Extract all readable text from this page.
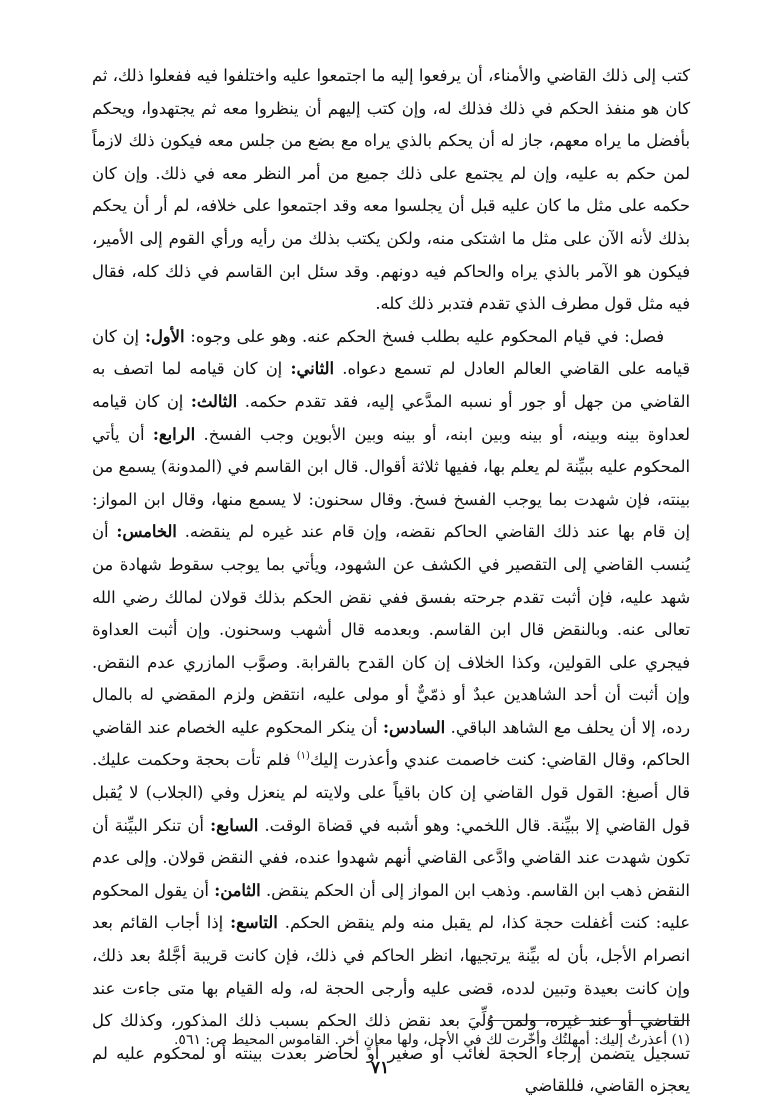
كتب إلى ذلك القاضي والأمناء، أن يرفعوا إليه ما اجتمعوا عليه واختلفوا فيه ففعلوا ذلك، ثم كان هو منفذ الحكم في ذلك فذلك له، وإن كتب إليهم أن ينظروا معه ثم يجتهدوا، ويحكم بأفضل ما يراه معهم، جاز له أن يحكم بالذي يراه مع بضع من جلس معه فيكون ذلك لازماً لمن حكم به عليه، وإن لم يجتمع على ذلك جميع من أمر النظر معه في ذلك. وإن كان حكمه على مثل ما كان عليه قبل أن يجلسوا معه وقد اجتمعوا على خلافه، لم أر أن يحكم بذلك لأنه الآن على مثل ما اشتكى منه، ولكن يكتب بذلك من رأيه ورأي القوم إلى الأمير، فيكون هو الآمر بالذي يراه والحاكم فيه دونهم. وقد سئل ابن القاسم في ذلك كله، فقال فيه مثل قول مطرف الذي تقدم فتدبر ذلك كله.

فصل: في قيام المحكوم عليه بطلب فسخ الحكم عنه. وهو على وجوه: الأول: إن كان قيامه على القاضي العالم العادل لم تسمع دعواه. الثاني: إن كان قيامه لما اتصف به القاضي من جهل أو جور أو نسبه المدَّعي إليه، فقد تقدم حكمه. الثالث: إن كان قيامه لعداوة بينه وبينه، أو بينه وبين ابنه، أو بينه وبين الأبوين وجب الفسخ. الرابع: أن يأتي المحكوم عليه ببيِّنة لم يعلم بها، ففيها ثلاثة أقوال. قال ابن القاسم في (المدونة) يسمع من بينته، فإن شهدت بما يوجب الفسخ فسخ. وقال سحنون: لا يسمع منها، وقال ابن المواز: إن قام بها عند ذلك القاضي الحاكم نقضه، وإن قام عند غيره لم ينقضه. الخامس: أن يُنسب القاضي إلى التقصير في الكشف عن الشهود، ويأتي بما يوجب سقوط شهادة من شهد عليه، فإن أثبت تقدم جرحته بفسق ففي نقض الحكم بذلك قولان لمالك رضي الله تعالى عنه. وبالنقض قال ابن القاسم. وبعدمه قال أشهب وسحنون. وإن أثبت العداوة فيجري على القولين، وكذا الخلاف إن كان القدح بالقرابة. وصوَّب المازري عدم النقض. وإن أثبت أن أحد الشاهدين عبدٌ أو ذمّيٌّ أو مولى عليه، انتقض ولزم المقضي له بالمال رده، إلا أن يحلف مع الشاهد الباقي. السادس: أن ينكر المحكوم عليه الخصام عند القاضي الحاكم، وقال القاضي: كنت خاصمت عندي وأعذرت إليك$^{(١)}$ فلم تأت بحجة وحكمت عليك. قال أصبغ: القول قول القاضي إن كان باقياً على ولايته لم ينعزل وفي (الجلاب) لا يُقبل قول القاضي إلا ببيِّنة. قال اللخمي: وهو أشبه في قضاة الوقت. السابع: أن تنكر البيِّنة أن تكون شهدت عند القاضي وادَّعى القاضي أنهم شهدوا عنده، ففي النقض قولان. وإلى عدم النقض ذهب ابن القاسم. وذهب ابن المواز إلى أن الحكم ينقض. الثامن: أن يقول المحكوم عليه: كنت أغفلت حجة كذا، لم يقبل منه ولم ينقض الحكم. التاسع: إذا أجاب القائم بعد انصرام الأجل، بأن له بيِّنة يرتجيها، انظر الحاكم في ذلك، فإن كانت قريبة أجَّلهُ بعد ذلك، وإن كانت بعيدة وتبين لدده، قضى عليه وأرجى الحجة له، وله القيام بها متى جاءت عند القاضي أو عند غيره، ولمن وُلِّيَ بعد نقض ذلك الحكم بسبب ذلك المذكور، وكذلك كل تسجيل يتضمن إرجاء الحجة لغائب أو صغير أو لحاضر بعدت بينته أو لمحكوم عليه لم يعجزه القاضي، فللقاضي

(١) أعذرتُ إليك: أمهلتُك وأخّرت لك في الأجل، ولها معانٍ أخر. القاموس المحيط ص: ٥٦١.
٧١
